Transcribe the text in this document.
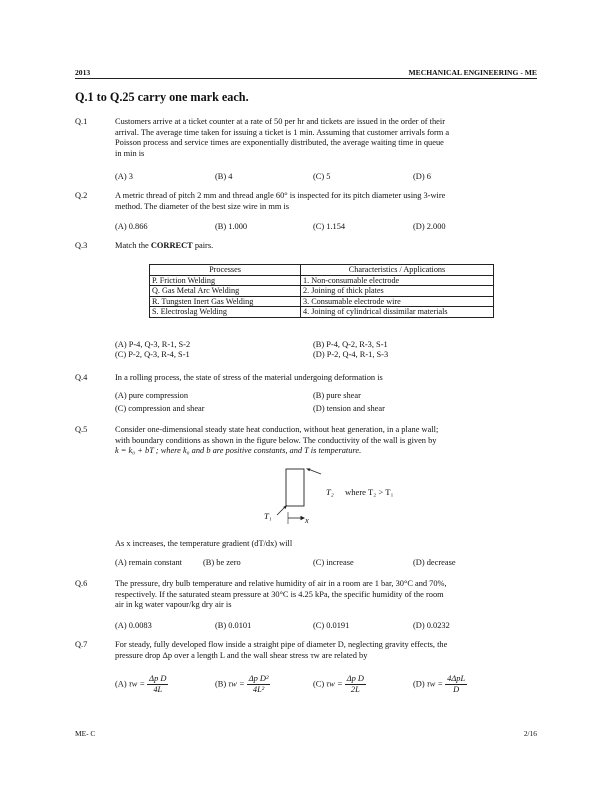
2013	MECHANICAL ENGINEERING - ME
Q.1 to Q.25 carry one mark each.
Q.1	Customers arrive at a ticket counter at a rate of 50 per hr and tickets are issued in the order of their
arrival. The average time taken for issuing a ticket is 1 min. Assuming that customer arrivals form a
Poisson process and service times are exponentially distributed, the average waiting time in queue
in min is
(A) 3	(B) 4	(C) 5	(D) 6
Q.2	A metric thread of pitch 2 mm and thread angle 60° is inspected for its pitch diameter using 3-wire
method. The diameter of the best size wire in mm is
(A) 0.866	(B) 1.000	(C) 1.154	(D) 2.000
Q.3	Match the CORRECT pairs.
Processes	Characteristics / Applications
P. Friction Welding	1. Non-consumable electrode
Q. Gas Metal Arc Welding	2. Joining of thick plates
R. Tungsten Inert Gas Welding	3. Consumable electrode wire
S. Electroslag Welding	4. Joining of cylindrical dissimilar materials
(A) P-4, Q-3, R-1, S-2	(B) P-4, Q-2, R-3, S-1
(C) P-2, Q-3, R-4, S-1	(D) P-2, Q-4, R-1, S-3
Q.4	In a rolling process, the state of stress of the material undergoing deformation is
(A) pure compression	(B) pure shear
(C) compression and shear	(D) tension and shear
Q.5	Consider one-dimensional steady state heat conduction, without heat generation, in a plane wall;
with boundary conditions as shown in the figure below. The conductivity of the wall is given by
k = k₀ + bT ; where k₀ and b are positive constants, and T is temperature.
T₂ where T₂ > T₁
T₁	x
As x increases, the temperature gradient (dT/dx) will
(A) remain constant	(B) be zero	(C) increase	(D) decrease
Q.6	The pressure, dry bulb temperature and relative humidity of air in a room are 1 bar, 30°C and 70%,
respectively. If the saturated steam pressure at 30°C is 4.25 kPa, the specific humidity of the room
air in kg water vapour/kg dry air is
(A) 0.0083	(B) 0.0101	(C) 0.0191	(D) 0.0232
Q.7	For steady, fully developed flow inside a straight pipe of diameter D, neglecting gravity effects, the
pressure drop Δp over a length L and the wall shear stress τw are related by
(A) $\tau w = \frac{\text{Δp D}}{4L}$	(B) $\tau w = \frac{\text{Δp D²}}{\text{4L²}}$	(C) $\tau w = \frac{\text{Δp D}}{2L}$	(D) $\tau w = \frac{\text{4ΔpL}}{D}$
ME- C	2/16
